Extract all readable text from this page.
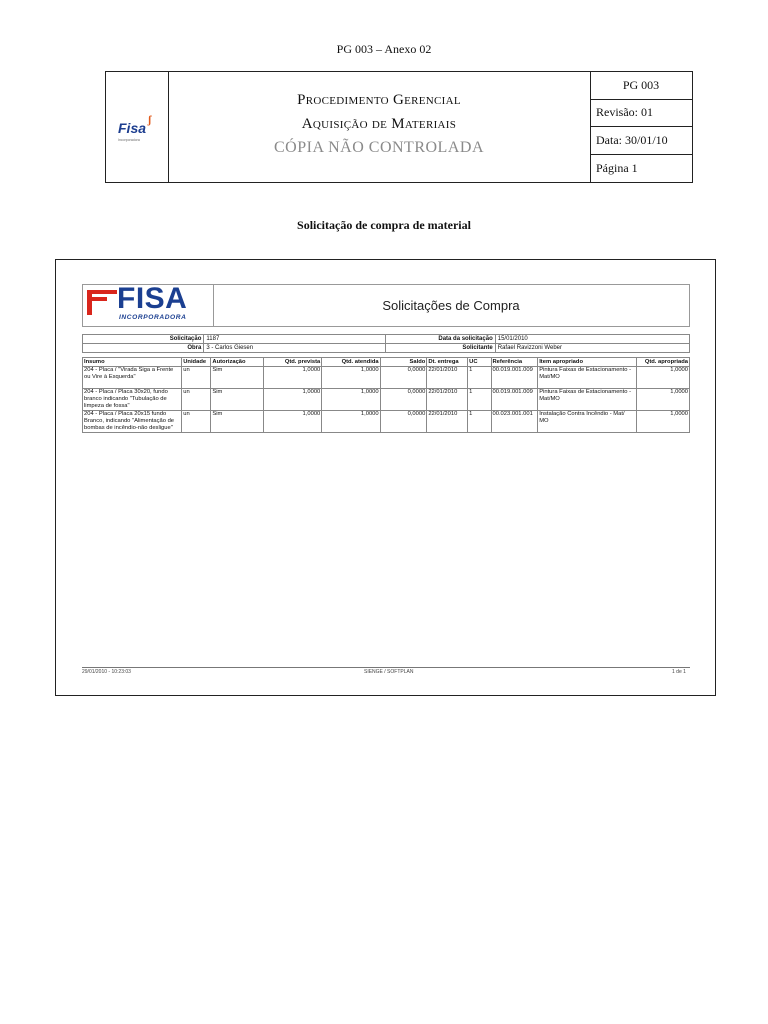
PG 003 – Anexo 02
Fisa ʃ
Incorporadora
Procedimento Gerencial
Aquisição de Materiais
CÓPIA NÃO CONTROLADA
PG 003
Revisão: 01
Data: 30/01/10
Página 1
Solicitação de compra de material
FISA
INCORPORADORA
Solicitações de Compra
Solicitação	1187	Data da solicitação	15/01/2010
Obra	3 - Carlos Giesen	Solicitante	Rafael Ravizzoni Weber
Insumo	Unidade	Autorização	Qtd. prevista	Qtd. atendida	Saldo	Dt. entrega	UC	Referência	Item apropriado	Qtd. apropriada
204 - Placa / "Virada Siga a Frente ou Vire à Esquerda"	un	Sim	1,0000	1,0000	0,0000	22/01/2010	1	00.019.001.009	Pintura Faixas de Estacionamento - Mat/MO	1,0000
204 - Placa / Placa 30x20, fundo branco indicando "Tubulação de limpeza de fossa"	un	Sim	1,0000	1,0000	0,0000	22/01/2010	1	00.019.001.009	Pintura Faixas de Estacionamento - Mat/MO	1,0000
204 - Placa / Placa 20x15 fundo Branco, indicando "Alimentação de bombas de incêndio-não desligue"	un	Sim	1,0000	1,0000	0,0000	22/01/2010	1	00.023.001.001	Instalação Contra Incêndio - Mat/ MO	1,0000
29/01/2010 - 10:23:03	SIENGE / SOFTPLAN	1 de 1
